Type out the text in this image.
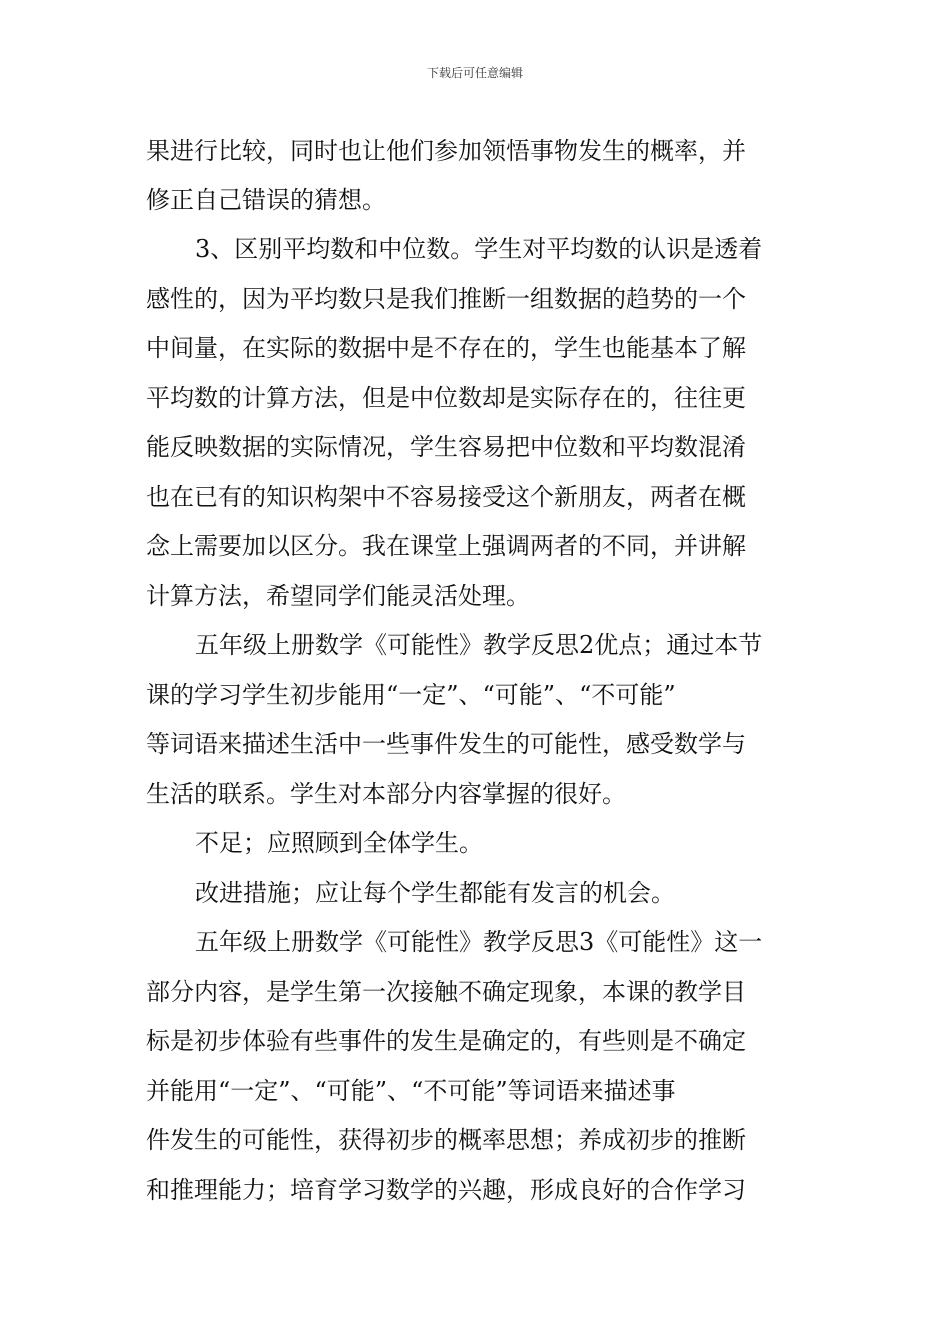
下载后可任意编辑
果进行比较，同时也让他们参加领悟事物发生的概率，并
修正自己错误的猜想。
3、区别平均数和中位数。学生对平均数的认识是透着
感性的，因为平均数只是我们推断一组数据的趋势的一个
中间量，在实际的数据中是不存在的，学生也能基本了解
平均数的计算方法，但是中位数却是实际存在的，往往更
能反映数据的实际情况，学生容易把中位数和平均数混淆
也在已有的知识构架中不容易接受这个新朋友，两者在概
念上需要加以区分。我在课堂上强调两者的不同，并讲解
计算方法，希望同学们能灵活处理。
五年级上册数学《可能性》教学反思2优点；通过本节
课的学习学生初步能用“一定”、“可能”、“不可能”
等词语来描述生活中一些事件发生的可能性，感受数学与
生活的联系。学生对本部分内容掌握的很好。
不足；应照顾到全体学生。
改进措施；应让每个学生都能有发言的机会。
五年级上册数学《可能性》教学反思3《可能性》这一
部分内容，是学生第一次接触不确定现象，本课的教学目
标是初步体验有些事件的发生是确定的，有些则是不确定
并能用“一定”、“可能”、“不可能”等词语来描述事
件发生的可能性，获得初步的概率思想；养成初步的推断
和推理能力；培育学习数学的兴趣，形成良好的合作学习
